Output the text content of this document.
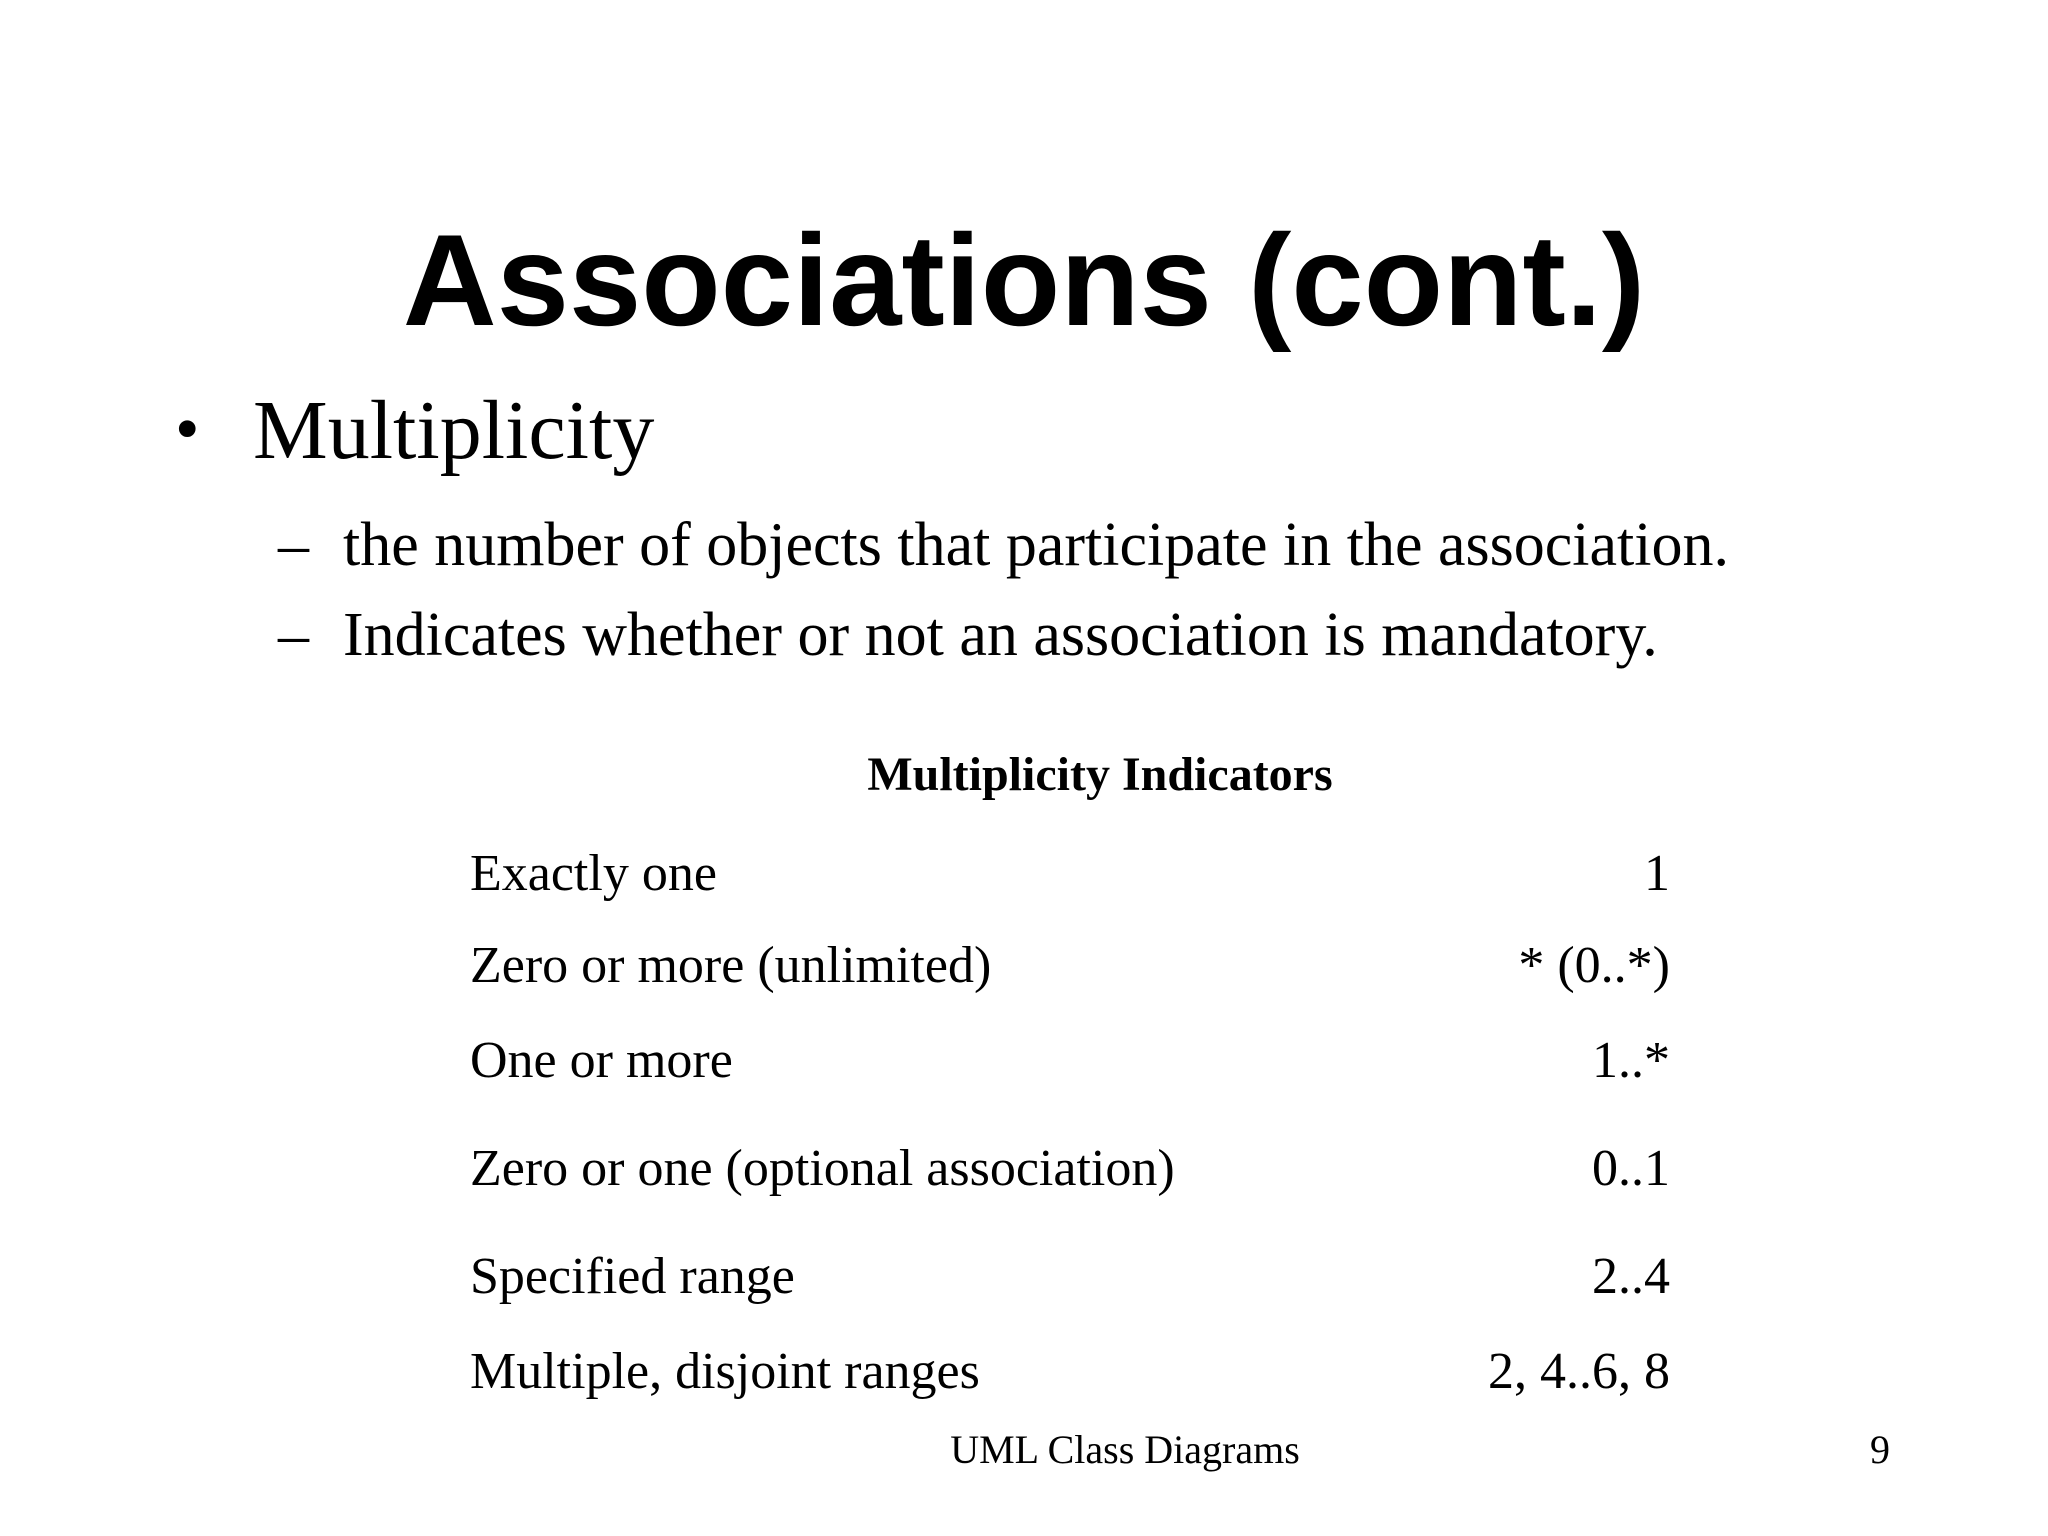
Associations (cont.)
• Multiplicity
– the number of objects that participate in the association.
– Indicates whether or not an association is mandatory.
Multiplicity Indicators
Exactly one	1
Zero or more (unlimited)	* (0..*)
One or more	1..*
Zero or one (optional association)	0..1
Specified range	2..4
Multiple, disjoint ranges	2, 4..6, 8
UML Class Diagrams	9
